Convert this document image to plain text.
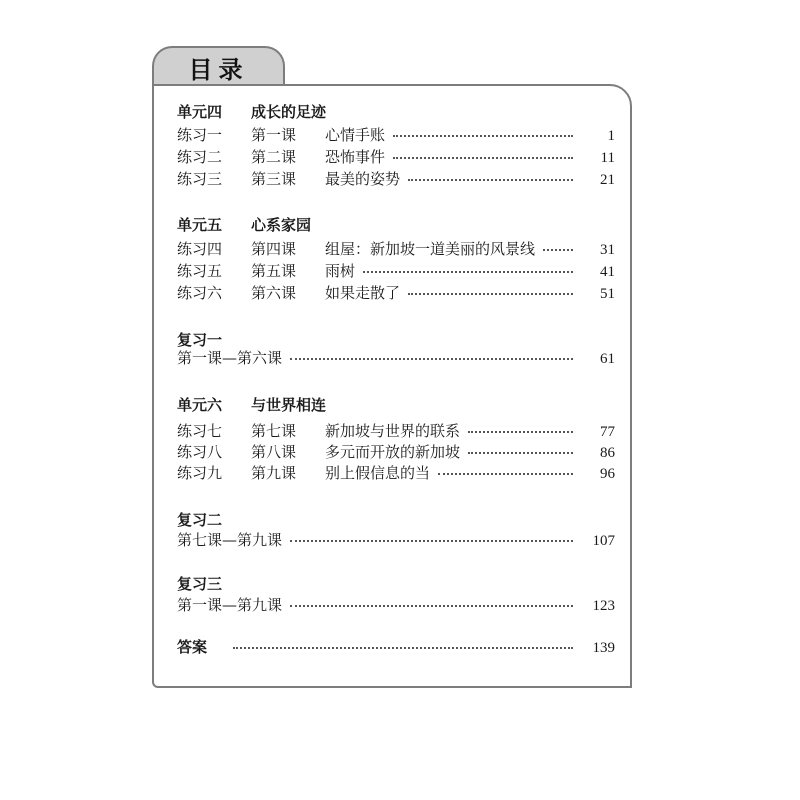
目录
单元四 成长的足迹
练习一	第一课	心情手账	1
练习二	第二课	恐怖事件	11
练习三	第三课	最美的姿势	21
单元五 心系家园
练习四	第四课	组屋：新加坡一道美丽的风景线	31
练习五	第五课	雨树	41
练习六	第六课	如果走散了	51
复习一
第一课—第六课	61
单元六 与世界相连
练习七	第七课	新加坡与世界的联系	77
练习八	第八课	多元而开放的新加坡	86
练习九	第九课	别上假信息的当	96
复习二
第七课—第九课	107
复习三
第一课—第九课	123
答案	139
